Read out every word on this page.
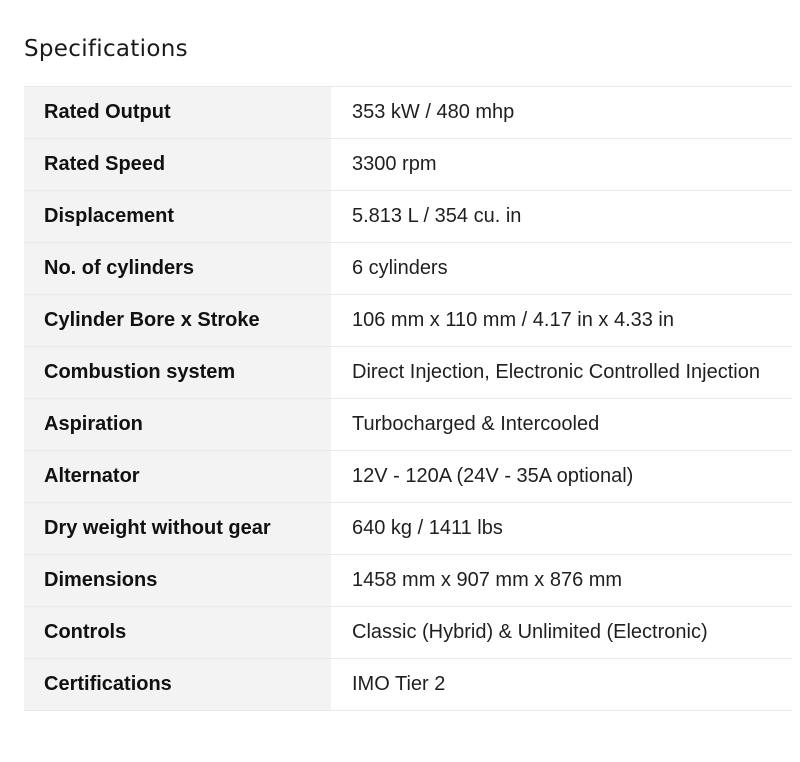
Specifications
Rated Output	353 kW / 480 mhp
Rated Speed	3300 rpm
Displacement	5.813 L / 354 cu. in
No. of cylinders	6 cylinders
Cylinder Bore x Stroke	106 mm x 110 mm / 4.17 in x 4.33 in
Combustion system	Direct Injection, Electronic Controlled Injection
Aspiration	Turbocharged & Intercooled
Alternator	12V - 120A (24V - 35A optional)
Dry weight without gear	640 kg / 1411 lbs
Dimensions	1458 mm x 907 mm x 876 mm
Controls	Classic (Hybrid) & Unlimited (Electronic)
Certifications	IMO Tier 2
